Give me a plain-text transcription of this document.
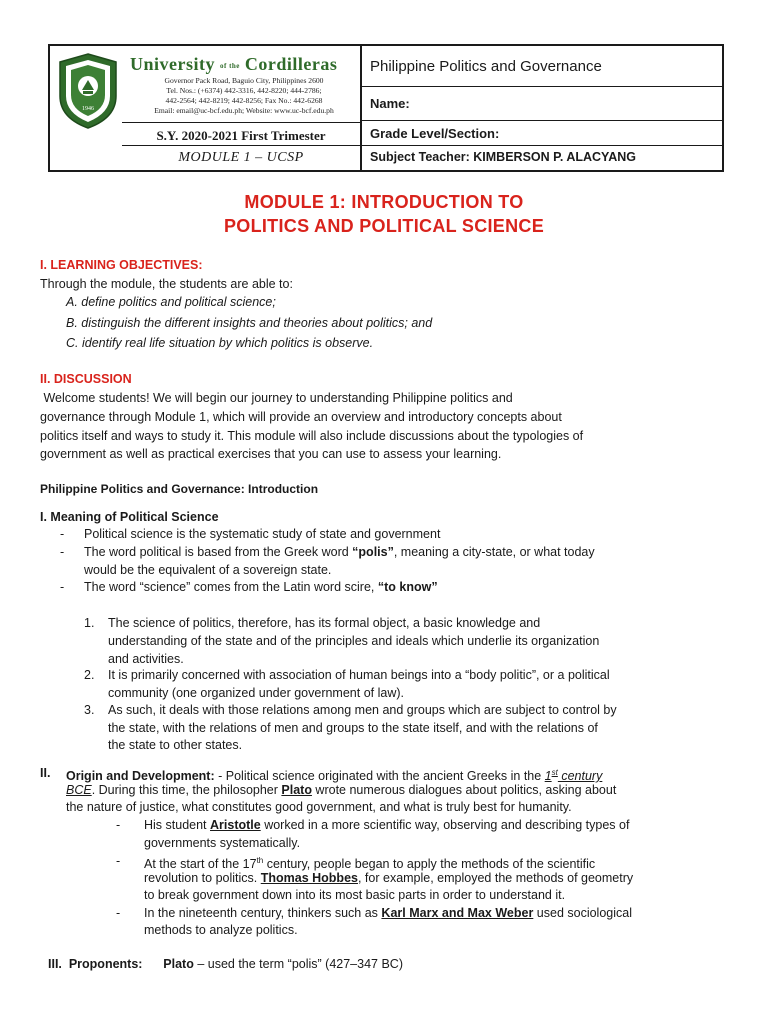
1946
University of the Cordilleras
Governor Pack Road, Baguio City, Philippines 2600
Tel. Nos.: (+6374) 442-3316, 442-8220; 444-2786;
442-2564; 442-8219; 442-8256; Fax No.: 442-6268
Email: email@uc-bcf.edu.ph; Website: www.uc-bcf.edu.ph
S.Y. 2020-2021 First Trimester
MODULE 1 – UCSP
Philippine Politics and Governance
Name:
Grade Level/Section:
Subject Teacher: KIMBERSON P. ALACYANG
MODULE 1: INTRODUCTION TO
POLITICS AND POLITICAL SCIENCE
I. LEARNING OBJECTIVES:
Through the module, the students are able to:
A. define politics and political science;
B. distinguish the different insights and theories about politics; and
C. identify real life situation by which politics is observe.
II. DISCUSSION
Welcome students! We will begin our journey to understanding Philippine politics and
governance through Module 1, which will provide an overview and introductory concepts about
politics itself and ways to study it. This module will also include discussions about the typologies of
government as well as practical exercises that you can use to assess your learning.
Philippine Politics and Governance: Introduction
I. Meaning of Political Science
- Political science is the systematic study of state and government
- The word political is based from the Greek word “polis”, meaning a city-state, or what today
would be the equivalent of a sovereign state.
- The word “science” comes from the Latin word scire, “to know”
1. The science of politics, therefore, has its formal object, a basic knowledge and
understanding of the state and of the principles and ideals which underlie its organization
and activities.
2. It is primarily concerned with association of human beings into a “body politic”, or a political
community (one organized under government of law).
3. As such, it deals with those relations among men and groups which are subject to control by
the state, with the relations of men and groups to the state itself, and with the relations of
the state to other states.
II. Origin and Development: - Political science originated with the ancient Greeks in the 1st century
BCE. During this time, the philosopher Plato wrote numerous dialogues about politics, asking about
the nature of justice, what constitutes good government, and what is truly best for humanity.
- His student Aristotle worked in a more scientific way, observing and describing types of
governments systematically.
- At the start of the 17th century, people began to apply the methods of the scientific
revolution to politics. Thomas Hobbes, for example, employed the methods of geometry
to break government down into its most basic parts in order to understand it.
- In the nineteenth century, thinkers such as Karl Marx and Max Weber used sociological
methods to analyze politics.
III.  Proponents: Plato – used the term “polis” (427–347 BC)
